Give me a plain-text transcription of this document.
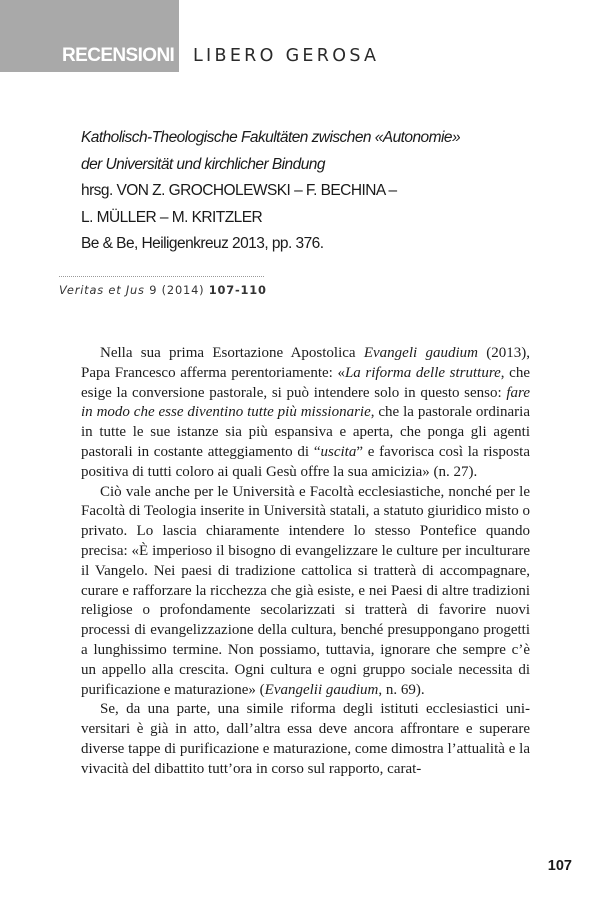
RECENSIONI LIBERO GEROSA
Katholisch-Theologische Fakultäten zwischen «Autonomie»
der Universität und kirchlicher Bindung
hrsg. VON Z. GROCHOLEWSKI – F. BECHINA –
L. MÜLLER – M. KRITZLER
Be & Be, Heiligenkreuz 2013, pp. 376.
Veritas et Jus 9 (2014) 107-110

Nella sua prima Esortazione Apostolica Evangeli gaudium (2013), Papa Francesco afferma perentoriamente: «La riforma delle strutture, che esige la conversione pastorale, si può intendere solo in questo senso: fare in modo che esse diventino tutte più missionarie, che la pastorale ordinaria in tutte le sue istanze sia più espansiva e aperta, che ponga gli agenti pastorali in costante atteggiamento di “uscita” e favorisca così la risposta positiva di tutti coloro ai quali Gesù offre la sua amicizia» (n. 27).

Ciò vale anche per le Università e Facoltà ecclesiastiche, nonché per le Facoltà di Teologia inserite in Università statali, a statuto giuridico misto o privato. Lo lascia chiaramente intendere lo stesso Pontefice quando precisa: «È imperioso il bisogno di evangelizzare le culture per inculturare il Vangelo. Nei paesi di tradizione cattolica si tratterà di accompagnare, curare e rafforzare la ricchezza che già esiste, e nei Paesi di altre tradizioni religiose o profondamente secolarizzati si tratterà di favorire nuovi processi di evangelizzazione della cultura, benché presuppongano progetti a lunghissimo termine. Non possiamo, tuttavia, ignorare che sempre c’è un appello alla crescita. Ogni cultura e ogni gruppo sociale necessita di purificazione e maturazione» (Evangelii gaudium, n. 69).

Se, da una parte, una simile riforma degli istituti ecclesiastici universitari è già in atto, dall’altra essa deve ancora affrontare e superare diverse tappe di purificazione e maturazione, come dimostra l’attualità e la vivacità del dibattito tutt’ora in corso sul rapporto, carat-

107
